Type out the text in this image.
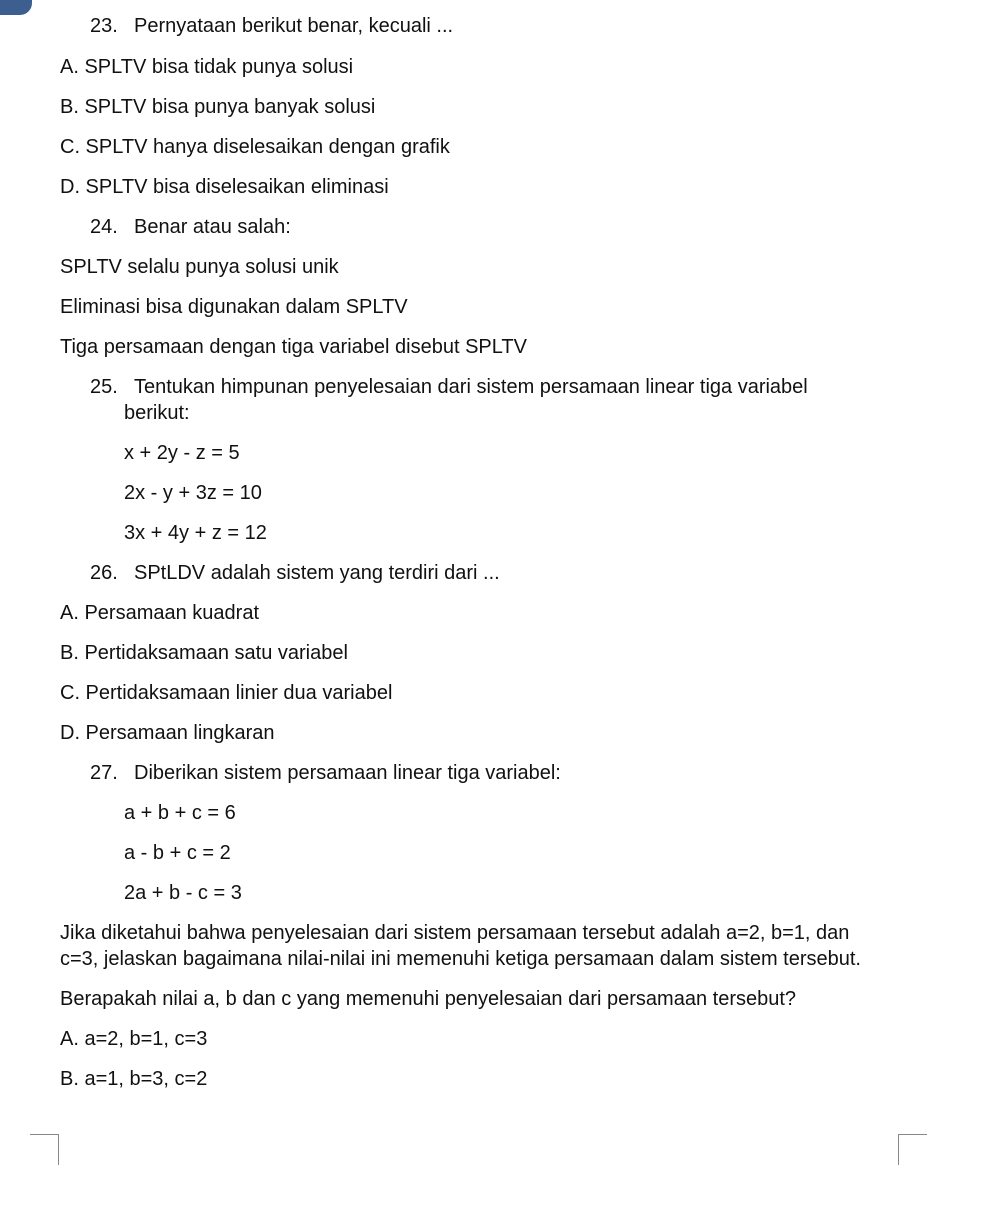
23. Pernyataan berikut benar, kecuali ...
A. SPLTV bisa tidak punya solusi
B. SPLTV bisa punya banyak solusi
C. SPLTV hanya diselesaikan dengan grafik
D. SPLTV bisa diselesaikan eliminasi
24. Benar atau salah:
SPLTV selalu punya solusi unik
Eliminasi bisa digunakan dalam SPLTV
Tiga persamaan dengan tiga variabel disebut SPLTV
25. Tentukan himpunan penyelesaian dari sistem persamaan linear tiga variabel
berikut:
x + 2y - z = 5
2x - y + 3z = 10
3x + 4y + z = 12
26. SPtLDV adalah sistem yang terdiri dari ...
A. Persamaan kuadrat
B. Pertidaksamaan satu variabel
C. Pertidaksamaan linier dua variabel
D. Persamaan lingkaran
27. Diberikan sistem persamaan linear tiga variabel:
a + b + c = 6
a - b + c = 2
2a + b - c = 3
Jika diketahui bahwa penyelesaian dari sistem persamaan tersebut adalah a=2, b=1, dan
c=3, jelaskan bagaimana nilai-nilai ini memenuhi ketiga persamaan dalam sistem tersebut.
Berapakah nilai a, b dan c yang memenuhi penyelesaian dari persamaan tersebut?
A. a=2, b=1, c=3
B. a=1, b=3, c=2
